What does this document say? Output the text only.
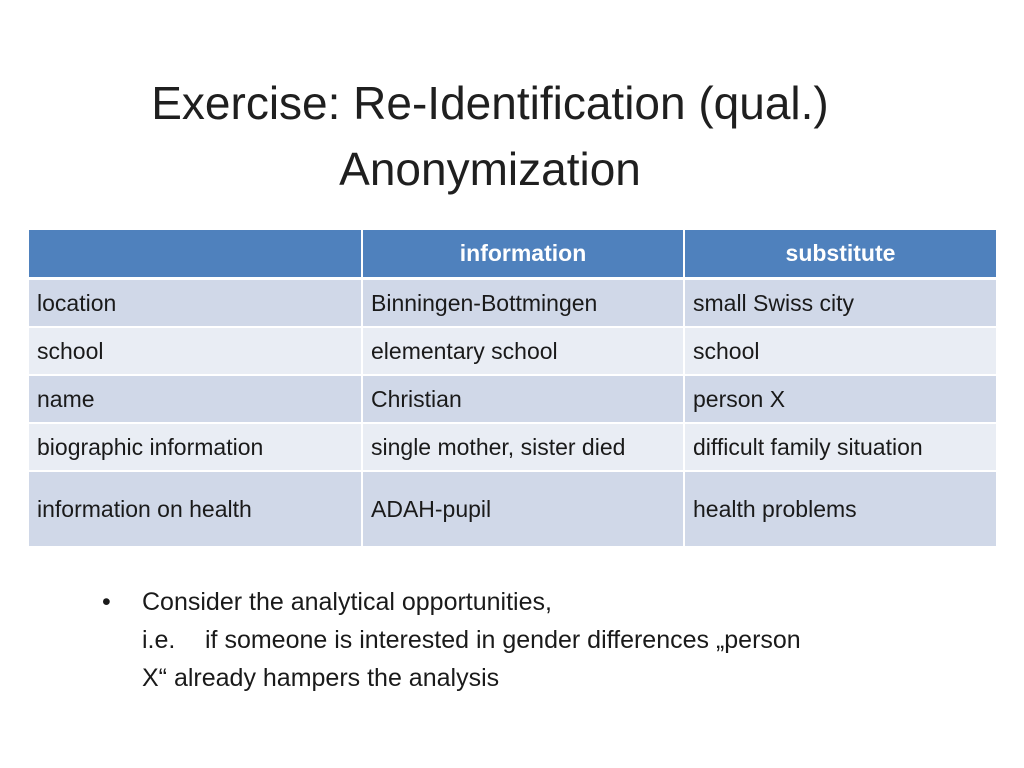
Exercise: Re-Identification (qual.)
Anonymization
	information	substitute
location	Binningen-Bottmingen	small Swiss city
school	elementary school	school
name	Christian	person X
biographic information	single mother, sister died	difficult family situation
information on health	ADAH-pupil	health problems
• Consider the analytical opportunities,
i.e. if someone is interested in gender differences „person
X“ already hampers the analysis
